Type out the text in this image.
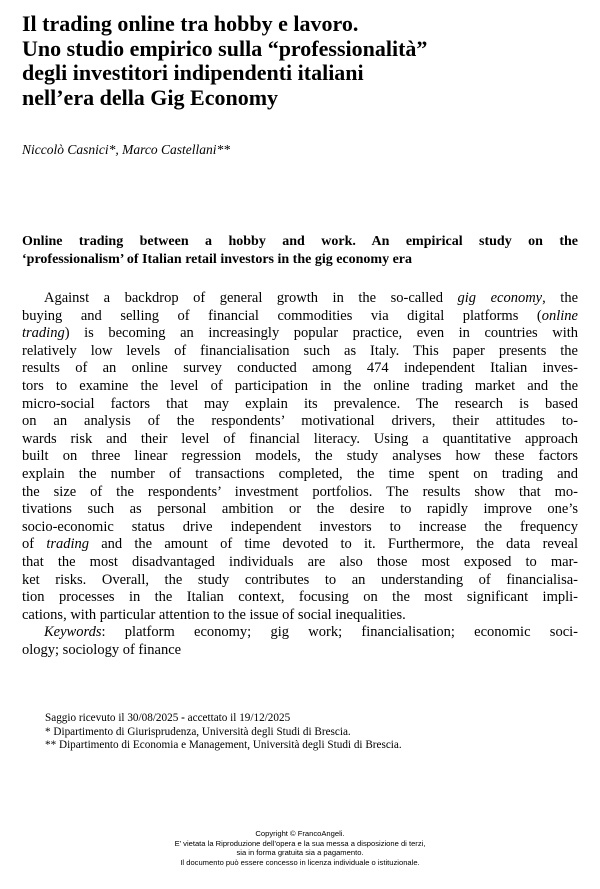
Il trading online tra hobby e lavoro.
Uno studio empirico sulla “professionalità”
degli investitori indipendenti italiani
nell’era della Gig Economy
Niccolò Casnici*, Marco Castellani**
Online trading between a hobby and work. An empirical study on the
‘professionalism’ of Italian retail investors in the gig economy era
Against a backdrop of general growth in the so-called gig economy, the
buying and selling of financial commodities via digital platforms (online
trading) is becoming an increasingly popular practice, even in countries with
relatively low levels of financialisation such as Italy. This paper presents the
results of an online survey conducted among 474 independent Italian inves-
tors to examine the level of participation in the online trading market and the
micro-social factors that may explain its prevalence. The research is based
on an analysis of the respondents’ motivational drivers, their attitudes to-
wards risk and their level of financial literacy. Using a quantitative approach
built on three linear regression models, the study analyses how these factors
explain the number of transactions completed, the time spent on trading and
the size of the respondents’ investment portfolios. The results show that mo-
tivations such as personal ambition or the desire to rapidly improve one’s
socio-economic status drive independent investors to increase the frequency
of trading and the amount of time devoted to it. Furthermore, the data reveal
that the most disadvantaged individuals are also those most exposed to mar-
ket risks. Overall, the study contributes to an understanding of financialisa-
tion processes in the Italian context, focusing on the most significant impli-
cations, with particular attention to the issue of social inequalities.
Keywords: platform economy; gig work; financialisation; economic soci-
ology; sociology of finance
Saggio ricevuto il 30/08/2025 - accettato il 19/12/2025
* Dipartimento di Giurisprudenza, Università degli Studi di Brescia.
** Dipartimento di Economia e Management, Università degli Studi di Brescia.
Copyright © FrancoAngeli.
E’ vietata la Riproduzione dell’opera e la sua messa a disposizione di terzi,
sia in forma gratuita sia a pagamento.
Il documento può essere concesso in licenza individuale o istituzionale.
